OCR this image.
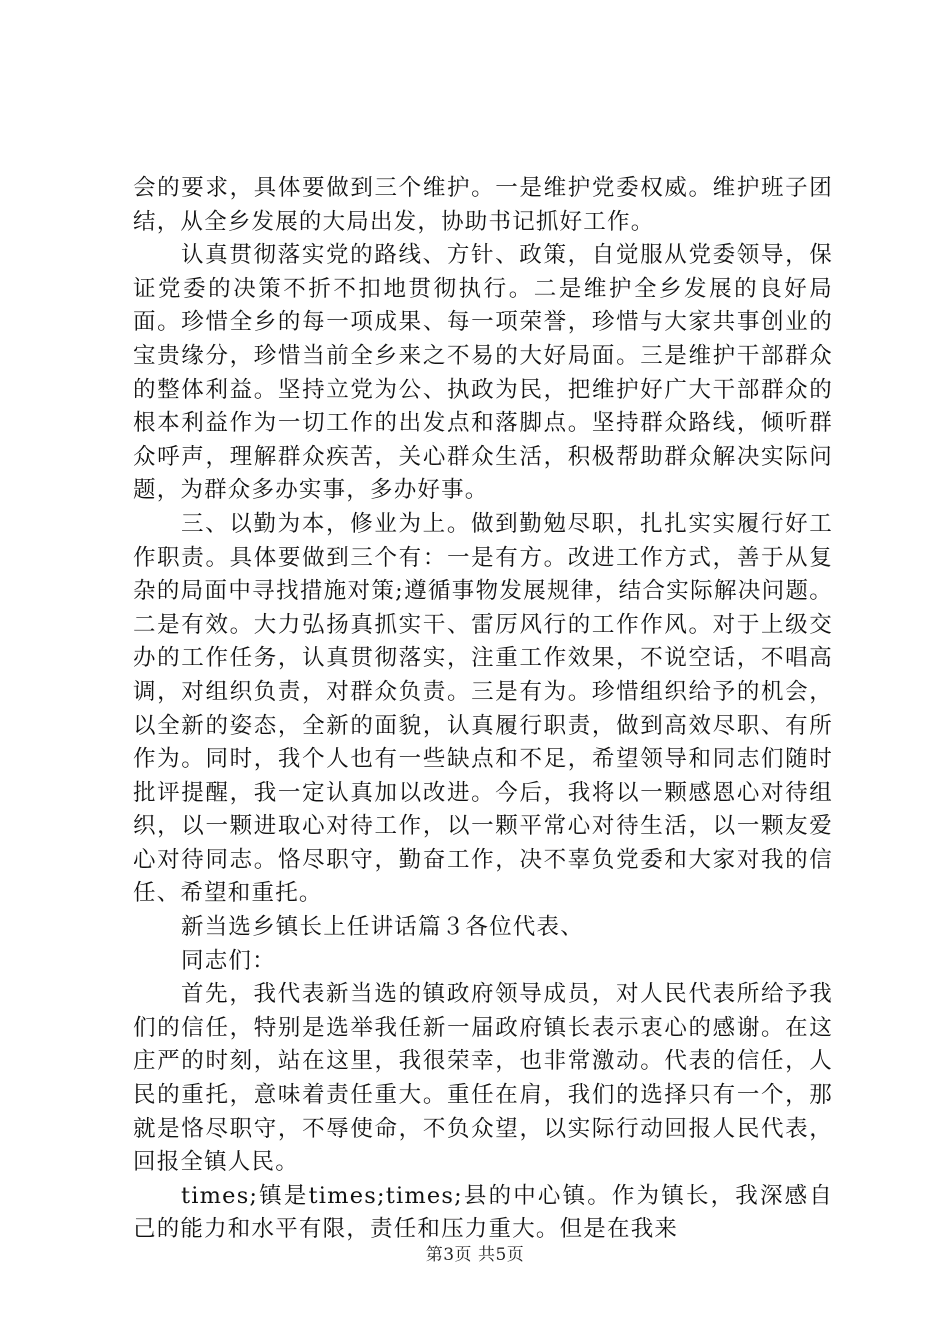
会的要求，具体要做到三个维护。一是维护党委权威。维护班子团结，从全乡发展的大局出发，协助书记抓好工作。

认真贯彻落实党的路线、方针、政策，自觉服从党委领导，保证党委的决策不折不扣地贯彻执行。二是维护全乡发展的良好局面。珍惜全乡的每一项成果、每一项荣誉，珍惜与大家共事创业的宝贵缘分，珍惜当前全乡来之不易的大好局面。三是维护干部群众的整体利益。坚持立党为公、执政为民，把维护好广大干部群众的根本利益作为一切工作的出发点和落脚点。坚持群众路线，倾听群众呼声，理解群众疾苦，关心群众生活，积极帮助群众解决实际问题，为群众多办实事，多办好事。

三、以勤为本，修业为上。做到勤勉尽职，扎扎实实履行好工作职责。具体要做到三个有：一是有方。改进工作方式，善于从复杂的局面中寻找措施对策;遵循事物发展规律，结合实际解决问题。二是有效。大力弘扬真抓实干、雷厉风行的工作作风。对于上级交办的工作任务，认真贯彻落实，注重工作效果，不说空话，不唱高调，对组织负责，对群众负责。三是有为。珍惜组织给予的机会，以全新的姿态，全新的面貌，认真履行职责，做到高效尽职、有所作为。同时，我个人也有一些缺点和不足，希望领导和同志们随时批评提醒，我一定认真加以改进。今后，我将以一颗感恩心对待组织，以一颗进取心对待工作，以一颗平常心对待生活，以一颗友爱心对待同志。恪尽职守，勤奋工作，决不辜负党委和大家对我的信任、希望和重托。

新当选乡镇长上任讲话篇３各位代表、

同志们：

首先，我代表新当选的镇政府领导成员，对人民代表所给予我们的信任，特别是选举我任新一届政府镇长表示衷心的感谢。在这庄严的时刻，站在这里，我很荣幸，也非常激动。代表的信任，人民的重托，意味着责任重大。重任在肩，我们的选择只有一个，那就是恪尽职守，不辱使命，不负众望，以实际行动回报人民代表，回报全镇人民。

times;镇是times;times;县的中心镇。作为镇长，我深感自己的能力和水平有限，责任和压力重大。但是在我来

第3页 共5页
